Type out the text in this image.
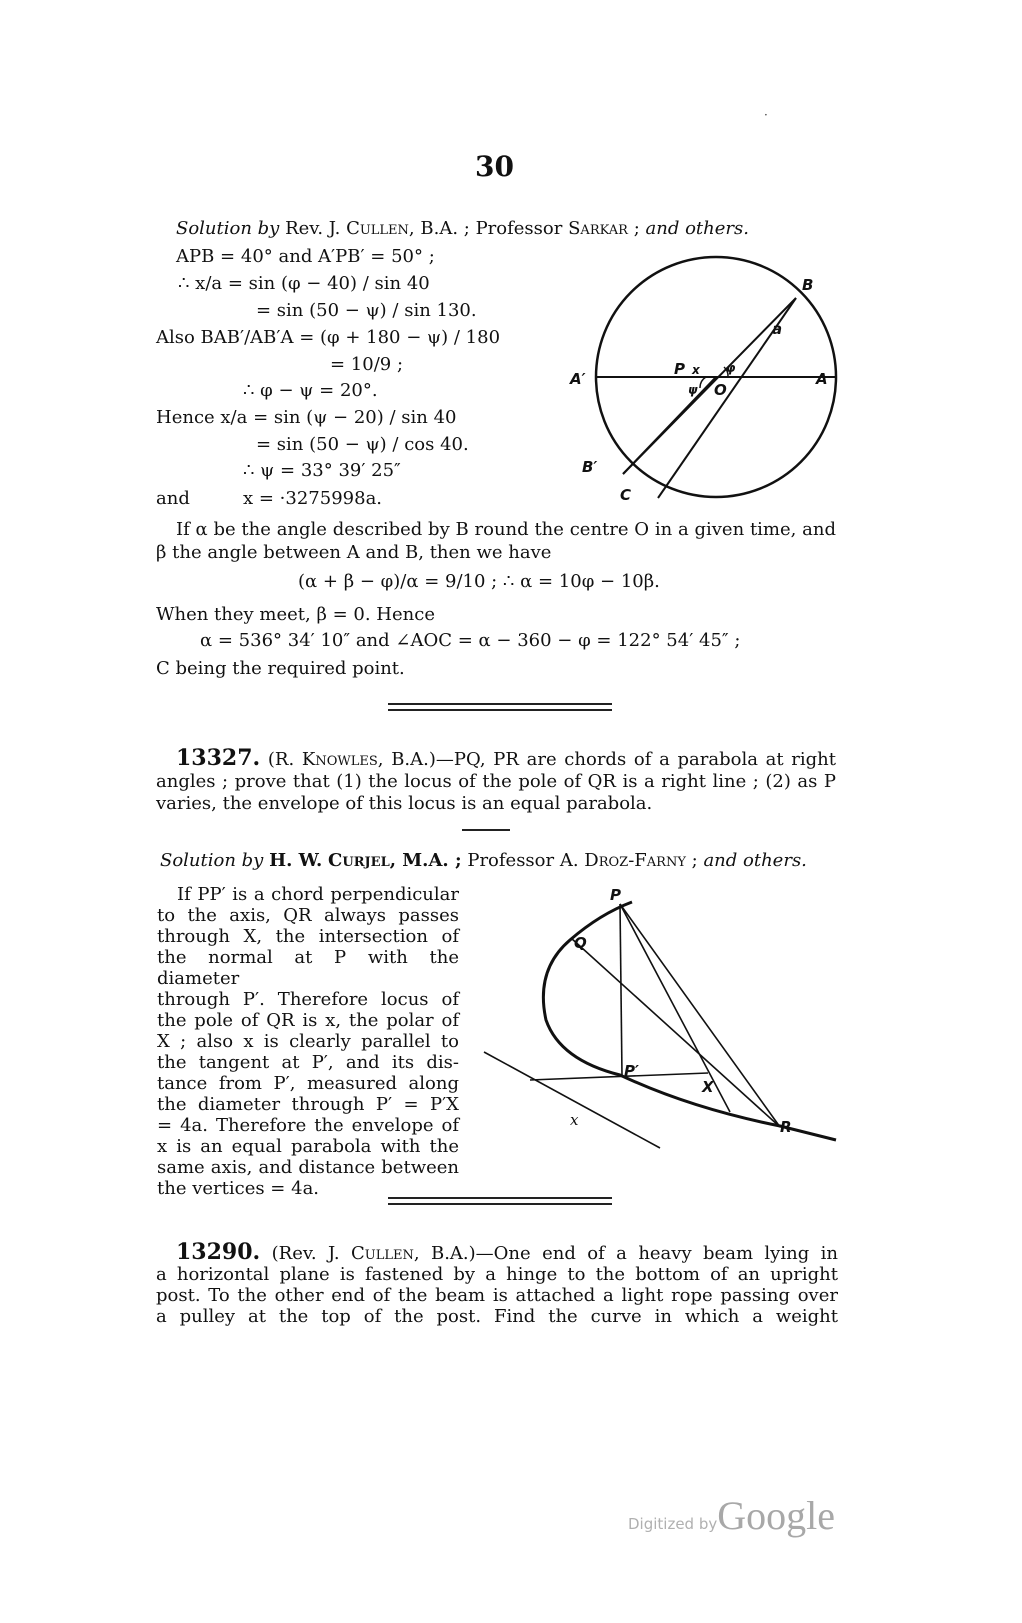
30
·
Solution by Rev. J. Cullen, B.A. ; Professor Sarkar ; and others.
APB = 40° and A′PB′ = 50° ;
∴ x/a = sin (φ − 40) / sin 40
= sin (50 − ψ) / sin 130.
Also BAB′/AB′A = (φ + 180 − ψ) / 180
= 10/9 ;
∴ φ − ψ = 20°.
Hence x/a = sin (ψ − 20) / sin 40
= sin (50 − ψ) / cos 40.
∴ ψ = 33° 39′ 25″
and	x = ·3275998a.
B
a
A′	A
P x φ
ψ O
B′
C
If α be the angle described by B round the centre O in a given time, and β the angle between A and B, then we have
(α + β − φ)/α = 9/10 ; ∴ α = 10φ − 10β.
When they meet, β = 0. Hence
α = 536° 34′ 10″ and ∠AOC = α − 360 − φ = 122° 54′ 45″ ;
C being the required point.
13327. (R. Knowles, B.A.)—PQ, PR are chords of a parabola at right angles ; prove that (1) the locus of the pole of QR is a right line ; (2) as P varies, the envelope of this locus is an equal parabola.
Solution by H. W. Curjel, M.A. ; Professor A. Droz-Farny ; and others.
If PP′ is a chord perpendicular
to the axis, QR always passes
through X, the intersection of
the normal at P with the diameter
through P′. Therefore locus of
the pole of QR is x, the polar of
X ; also x is clearly parallel to
the tangent at P′, and its dis-
tance from P′, measured along
the diameter through P′ = P′X
= 4a. Therefore the envelope of
x is an equal parabola with the
same axis, and distance between
the vertices = 4a.
P
Q
P′
X
x	R
13290. (Rev. J. Cullen, B.A.)—One end of a heavy beam lying in
a horizontal plane is fastened by a hinge to the bottom of an upright
post. To the other end of the beam is attached a light rope passing over
a pulley at the top of the post. Find the curve in which a weight
Digitized byGoogle
